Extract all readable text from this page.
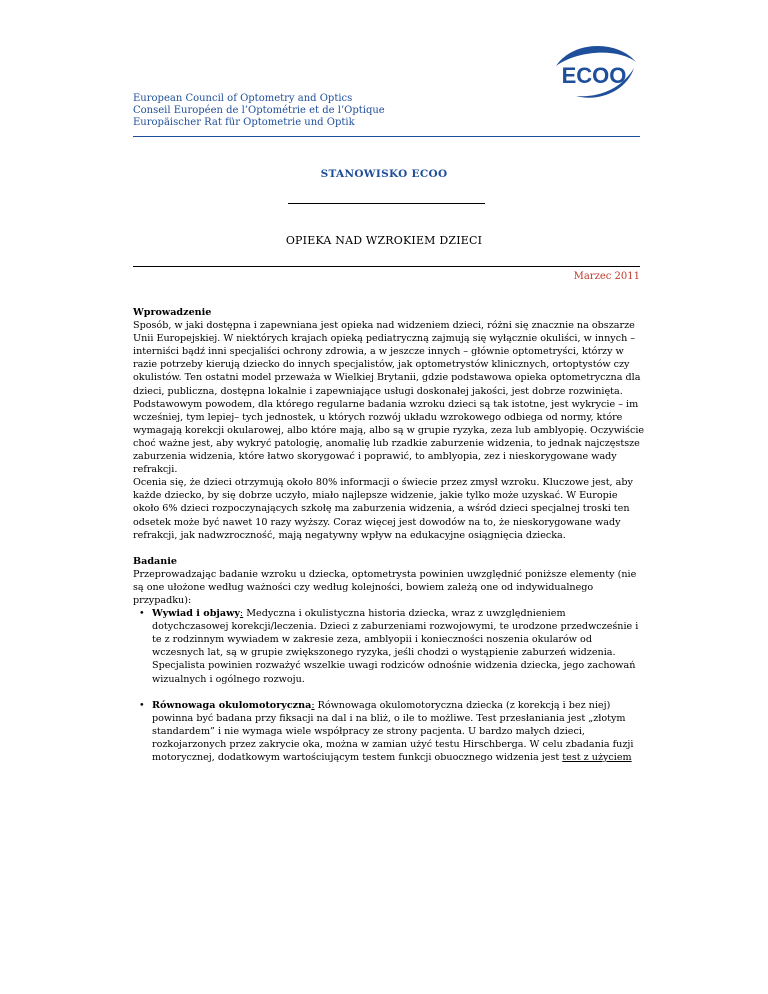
ECOO
European Council of Optometry and Optics
Conseil Européen de l’Optométrie et de l’Optique
Europäischer Rat für Optometrie und Optik
STANOWISKO ECOO
OPIEKA NAD WZROKIEM DZIECI
Marzec 2011
Wprowadzenie

Sposób, w jaki dostępna i zapewniana jest opieka nad widzeniem dzieci, różni się znacznie na obszarze Unii Europejskiej. W niektórych krajach opieką pediatryczną zajmują się wyłącznie okuliści, w innych – interniści bądź inni specjaliści ochrony zdrowia, a w jeszcze innych – głównie optometryści, którzy w razie potrzeby kierują dziecko do innych specjalistów, jak optometrystów klinicznych, ortoptystów czy okulistów. Ten ostatni model przeważa w Wielkiej Brytanii, gdzie podstawowa opieka optometryczna dla dzieci, publiczna, dostępna lokalnie i zapewniające usługi doskonałej jakości, jest dobrze rozwinięta.

Podstawowym powodem, dla którego regularne badania wzroku dzieci są tak istotne, jest wykrycie – im wcześniej, tym lepiej– tych jednostek, u których rozwój układu wzrokowego odbiega od normy, które wymagają korekcji okularowej, albo które mają, albo są w grupie ryzyka, zeza lub amblyopię. Oczywiście choć ważne jest, aby wykryć patologię, anomalię lub rzadkie zaburzenie widzenia, to jednak najczęstsze zaburzenia widzenia, które łatwo skorygować i poprawić, to amblyopia, zez i nieskorygowane wady refrakcji.

Ocenia się, że dzieci otrzymują około 80% informacji o świecie przez zmysł wzroku. Kluczowe jest, aby każde dziecko, by się dobrze uczyło, miało najlepsze widzenie, jakie tylko może uzyskać. W Europie około 6% dzieci rozpoczynających szkołę ma zaburzenia widzenia, a wśród dzieci specjalnej troski ten odsetek może być nawet 10 razy wyższy. Coraz więcej jest dowodów na to, że nieskorygowane wady refrakcji, jak nadwzroczność, mają negatywny wpływ na edukacyjne osiągnięcia dziecka.

Badanie

Przeprowadzając badanie wzroku u dziecka, optometrysta powinien uwzględnić poniższe elementy (nie są one ułożone według ważności czy według kolejności, bowiem zależą one od indywidualnego przypadku):

• Wywiad i objawy: Medyczna i okulistyczna historia dziecka, wraz z uwzględnieniem dotychczasowej korekcji/leczenia. Dzieci z zaburzeniami rozwojowymi, te urodzone przedwcześnie i te z rodzinnym wywiadem w zakresie zeza, amblyopii i konieczności noszenia okularów od wczesnych lat, są w grupie zwiększonego ryzyka, jeśli chodzi o wystąpienie zaburzeń widzenia. Specjalista powinien rozważyć wszelkie uwagi rodziców odnośnie widzenia dziecka, jego zachowań wizualnych i ogólnego rozwoju.
• Równowaga okulomotoryczna: Równowaga okulomotoryczna dziecka (z korekcją i bez niej) powinna być badana przy fiksacji na dal i na bliż, o ile to możliwe. Test przesłaniania jest „złotym standardem” i nie wymaga wiele współpracy ze strony pacjenta. U bardzo małych dzieci, rozkojarzonych przez zakrycie oka, można w zamian użyć testu Hirschberga. W celu zbadania fuzji motorycznej, dodatkowym wartościującym testem funkcji obuocznego widzenia jest test z użyciem
